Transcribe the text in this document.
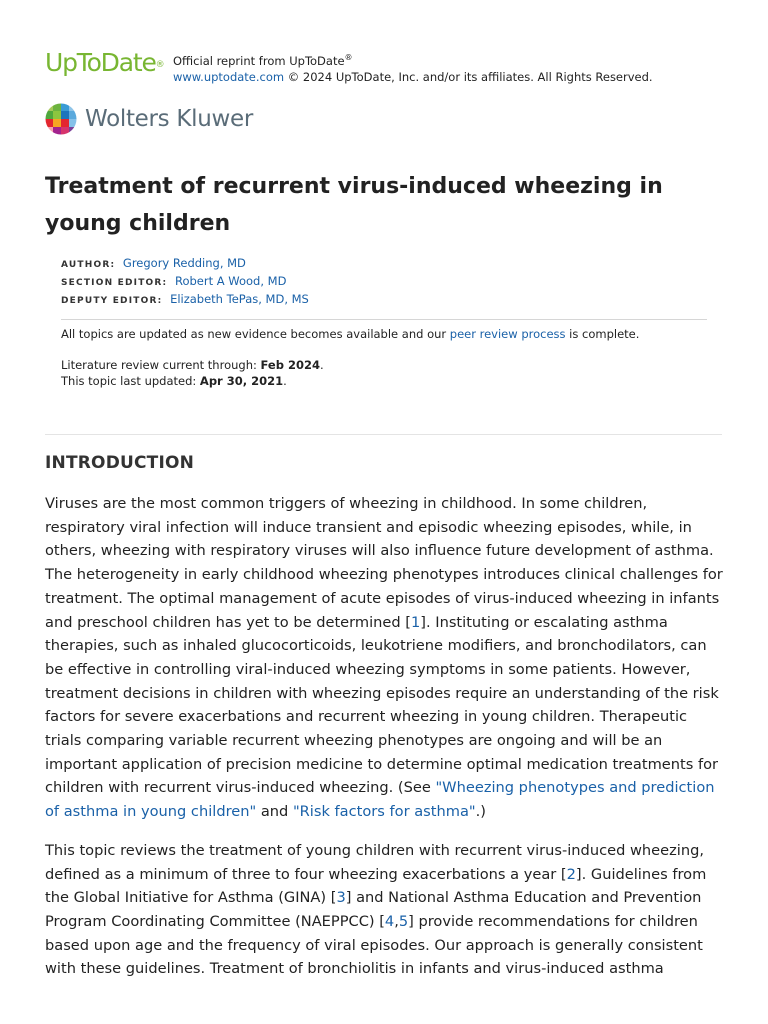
UpToDate® Official reprint from UpToDate®
www.uptodate.com © 2024 UpToDate, Inc. and/or its affiliates. All Rights Reserved.
Wolters Kluwer
Treatment of recurrent virus-induced wheezing in young children
AUTHOR: Gregory Redding, MD
SECTION EDITOR: Robert A Wood, MD
DEPUTY EDITOR: Elizabeth TePas, MD, MS
All topics are updated as new evidence becomes available and our peer review process is complete.
Literature review current through: Feb 2024.
This topic last updated: Apr 30, 2021.
INTRODUCTION

Viruses are the most common triggers of wheezing in childhood. In some children, respiratory viral infection will induce transient and episodic wheezing episodes, while, in others, wheezing with respiratory viruses will also influence future development of asthma. The heterogeneity in early childhood wheezing phenotypes introduces clinical challenges for treatment. The optimal management of acute episodes of virus-induced wheezing in infants and preschool children has yet to be determined [1]. Instituting or escalating asthma therapies, such as inhaled glucocorticoids, leukotriene modifiers, and bronchodilators, can be effective in controlling viral-induced wheezing symptoms in some patients. However, treatment decisions in children with wheezing episodes require an understanding of the risk factors for severe exacerbations and recurrent wheezing in young children. Therapeutic trials comparing variable recurrent wheezing phenotypes are ongoing and will be an important application of precision medicine to determine optimal medication treatments for children with recurrent virus-induced wheezing. (See "Wheezing phenotypes and prediction of asthma in young children" and "Risk factors for asthma".)

This topic reviews the treatment of young children with recurrent virus-induced wheezing, defined as a minimum of three to four wheezing exacerbations a year [2]. Guidelines from the Global Initiative for Asthma (GINA) [3] and National Asthma Education and Prevention Program Coordinating Committee (NAEPPCC) [4,5] provide recommendations for children based upon age and the frequency of viral episodes. Our approach is generally consistent with these guidelines. Treatment of bronchiolitis in infants and virus-induced asthma
